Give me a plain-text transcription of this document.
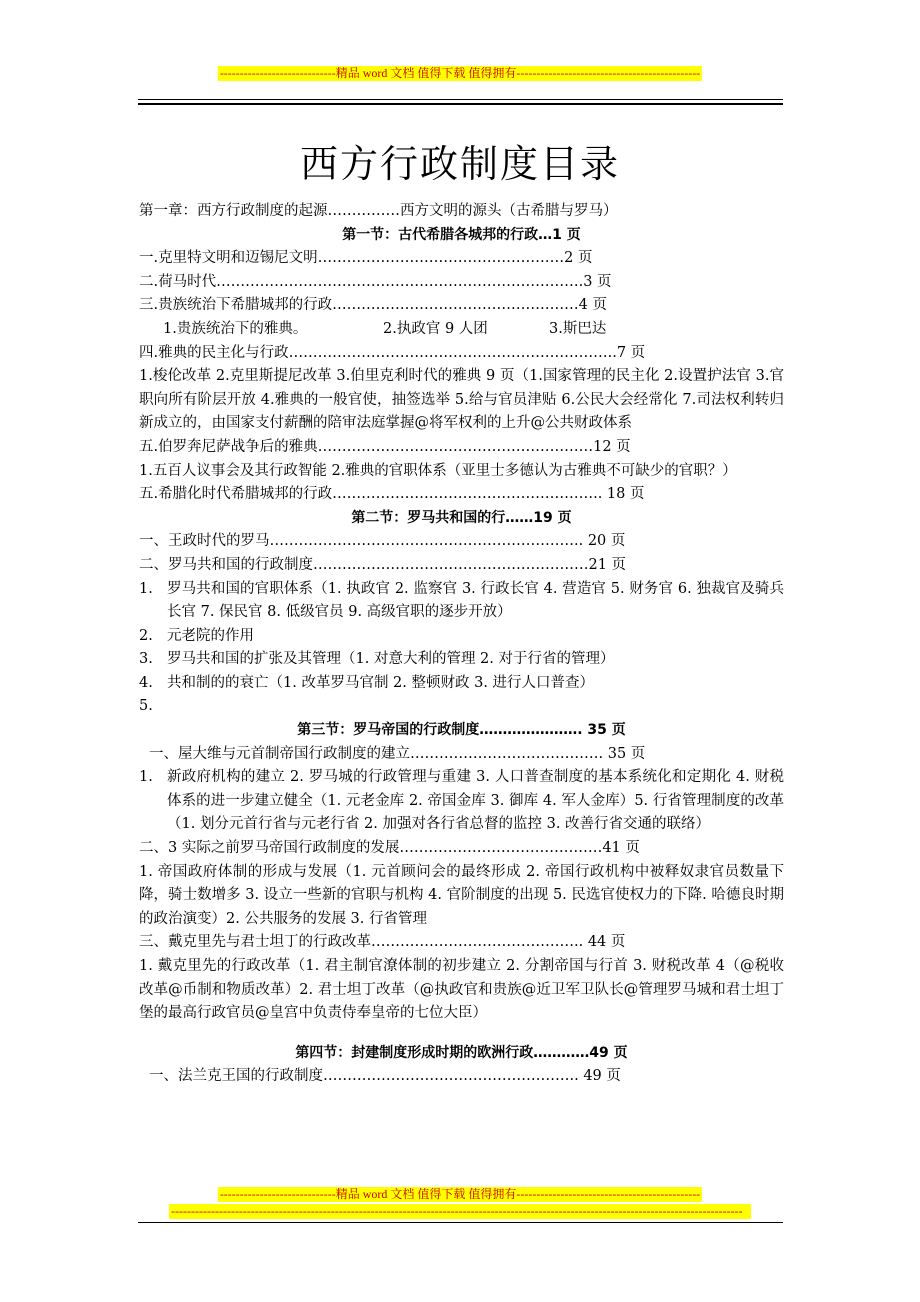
-----------------------------精品 word 文档 值得下载 值得拥有----------------------------------------------
西方行政制度目录
第一章：西方行政制度的起源……………西方文明的源头（古希腊与罗马）
第一节：古代希腊各城邦的行政…1 页
一.克里特文明和迈锡尼文明……………………………………………2 页
二.荷马时代………………………………………………………………….3 页
三.贵族统治下希腊城邦的行政……………………………………………4 页
1.贵族统治下的雅典。	2.执政官 9 人团	3.斯巴达
四.雅典的民主化与行政…………………………………………………………..7 页
1.梭伦改革 2.克里斯提尼改革 3.伯里克利时代的雅典 9 页（1.国家管理的民主化 2.设置护法官 3.官职向所有阶层开放 4.雅典的一般官使，抽签选举 5.给与官员津贴 6.公民大会经常化 7.司法权利转归新成立的，由国家支付薪酬的陪审法庭掌握@将军权利的上升@公共财政体系
五.伯罗奔尼萨战争后的雅典…………………………………………………12 页
1.五百人议事会及其行政智能 2.雅典的官职体系（亚里士多德认为古雅典不可缺少的官职？）
五.希腊化时代希腊城邦的行政……………………………………………….. 18 页
第二节：罗马共和国的行……19 页
一、王政时代的罗马……………………………………………………….. 20 页
二、罗马共和国的行政制度…………………………………………………21 页
1. 罗马共和国的官职体系（1. 执政官 2. 监察官 3. 行政长官 4. 营造官 5. 财务官 6. 独裁官及骑兵长官 7. 保民官 8. 低级官员 9. 高级官职的逐步开放）
2. 元老院的作用
3. 罗马共和国的扩张及其管理（1. 对意大利的管理 2. 对于行省的管理）
4. 共和制的的衰亡（1. 改革罗马官制 2. 整顿财政 3. 进行人口普查）
5.
第三节：罗马帝国的行政制度…………………. 35 页
一、屋大维与元首制帝国行政制度的建立…………………………………. 35 页
1. 新政府机构的建立 2. 罗马城的行政管理与重建 3. 人口普查制度的基本系统化和定期化 4. 财税体系的进一步建立健全（1. 元老金库 2. 帝国金库 3. 御库 4. 军人金库）5. 行省管理制度的改革（1. 划分元首行省与元老行省 2. 加强对各行省总督的监控 3. 改善行省交通的联络）
二、3 实际之前罗马帝国行政制度的发展……………………………………41 页
1. 帝国政府体制的形成与发展（1. 元首顾问会的最终形成 2. 帝国行政机构中被释奴隶官员数量下降，骑士数增多 3. 设立一些新的官职与机构 4. 官阶制度的出现 5. 民选官使权力的下降. 哈德良时期的政治演变）2. 公共服务的发展 3. 行省管理
三、戴克里先与君士坦丁的行政改革…………………………………….. 44 页
1. 戴克里先的行政改革（1. 君主制官潦体制的初步建立 2. 分割帝国与行首 3. 财税改革 4（@税收改革@币制和物质改革）2. 君士坦丁改革（@执政官和贵族@近卫军卫队长@管理罗马城和君士坦丁堡的最高行政官员@皇宫中负责侍奉皇帝的七位大臣）
第四节：封建制度形成时期的欧洲行政…………49 页
一、法兰克王国的行政制度…………………………………………….. 49 页
-----------------------------精品 word 文档 值得下载 值得拥有----------------------------------------------
-----------------------------------------------------------------------------------------------------------------------------------------------
